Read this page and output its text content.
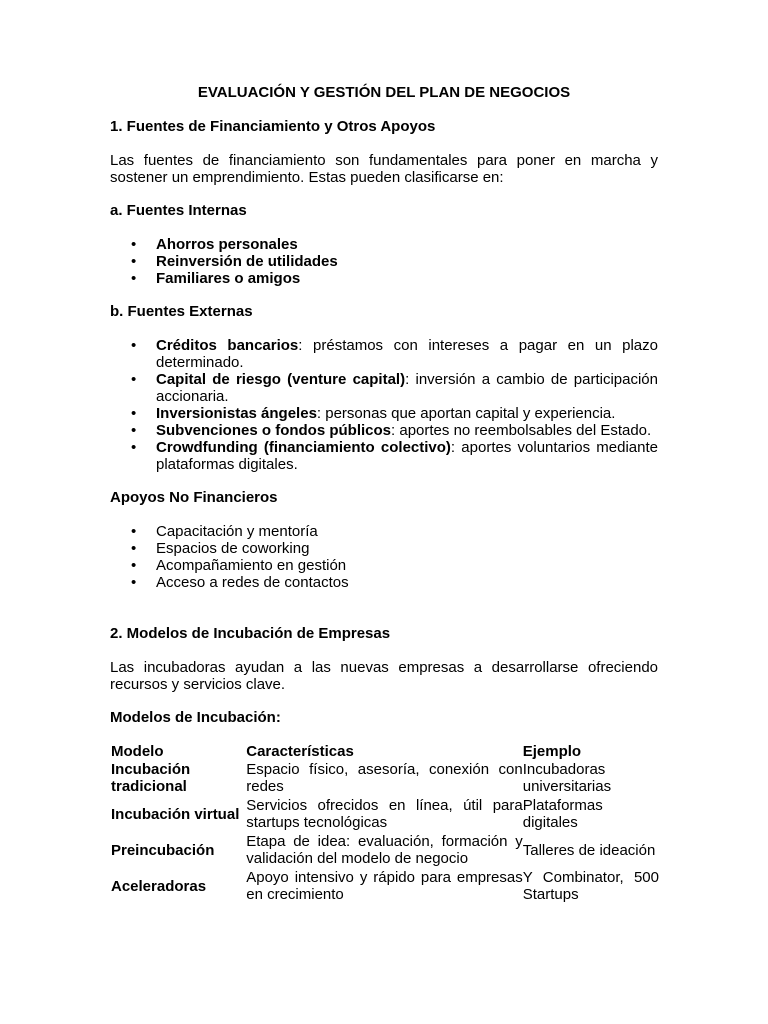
EVALUACIÓN Y GESTIÓN DEL PLAN DE NEGOCIOS
1. Fuentes de Financiamiento y Otros Apoyos

Las fuentes de financiamiento son fundamentales para poner en marcha y sostener un emprendimiento. Estas pueden clasificarse en:

a. Fuentes Internas
• Ahorros personales
• Reinversión de utilidades
• Familiares o amigos
b. Fuentes Externas
• Créditos bancarios: préstamos con intereses a pagar en un plazo determinado.
• Capital de riesgo (venture capital): inversión a cambio de participación accionaria.
• Inversionistas ángeles: personas que aportan capital y experiencia.
• Subvenciones o fondos públicos: aportes no reembolsables del Estado.
• Crowdfunding (financiamiento colectivo): aportes voluntarios mediante plataformas digitales.
Apoyos No Financieros
• Capacitación y mentoría
• Espacios de coworking
• Acompañamiento en gestión
• Acceso a redes de contactos
2. Modelos de Incubación de Empresas

Las incubadoras ayudan a las nuevas empresas a desarrollarse ofreciendo recursos y servicios clave.

Modelos de Incubación:
Modelo	Características	Ejemplo
Incubación tradicional	Espacio físico, asesoría, conexión con redes	Incubadoras universitarias
Incubación virtual	Servicios ofrecidos en línea, útil para startups tecnológicas	Plataformas digitales
Preincubación	Etapa de idea: evaluación, formación y validación del modelo de negocio	Talleres de ideación
Aceleradoras	Apoyo intensivo y rápido para empresas en crecimiento	Y Combinator, 500 Startups
